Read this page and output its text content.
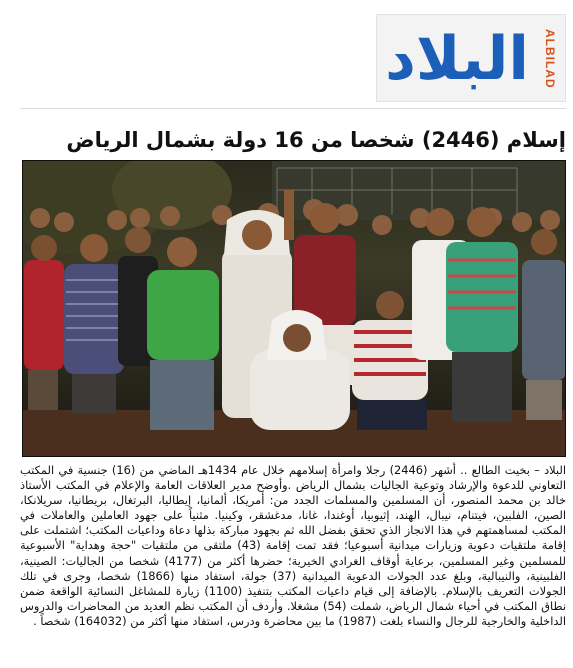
البلاد	ALBILAD
إسلام (2446) شخصا من 16 دولة بشمال الرياض

البلاد – بخيت الطالع .. أشهر (2446) رجلا وامرأة إسلامهم خلال عام 1434هـ الماضي من (16) جنسية في المكتب التعاوني للدعوة والإرشاد وتوعية الجاليات بشمال الرياض .وأوضح مدير العلاقات العامة والإعلام في المكتب الأستاذ خالد بن محمد المنصور، أن المسلمين والمسلمات الجدد من: أمريكا، ألمانيا، إيطاليا، البرتغال، بريطانيا، سريلانكا، الصين، الفلبين، فيتنام، نيبال، الهند، إثيوبيا، أوغندا، غانا، مدغشقر، وكينيا. مثنياً على جهود العاملين والعاملات في المكتب لمساهمتهم في هذا الانجاز الذي تحقق بفضل الله ثم بجهود مباركة بذلها دعاة وداعيات المكتب؛ اشتملت على إقامة ملتقيات دعوية وزيارات ميدانية أسبوعيا؛ فقد تمت إقامة (43) ملتقى من ملتقيات "حجة وهداية" الأسبوعية للمسلمين وغير المسلمين، برعاية أوقاف الغرادي الخيرية؛ حضرها أكثر من (4177) شخصا من الجاليات: الصينية، الفلبينية، والنيبالية، وبلغ عدد الجولات الدعوية الميدانية (37) جولة، استفاد منها (1866) شخصا، وجرى في تلك الجولات التعريف بالإسلام. بالإضافة إلى قيام داعيات المكتب بتنفيذ (1100) زيارة للمشاغل النسائية الواقعة ضمن نطاق المكتب في أحياء شمال الرياض، شملت (54) مشغلا. وأردف أن المكتب نظم العديد من المحاضرات والدروس الداخلية والخارجية للرجال والنساء بلغت (1987) ما بين محاضرة ودرس، استفاد منها أكثر من (164032) شخصاً .
